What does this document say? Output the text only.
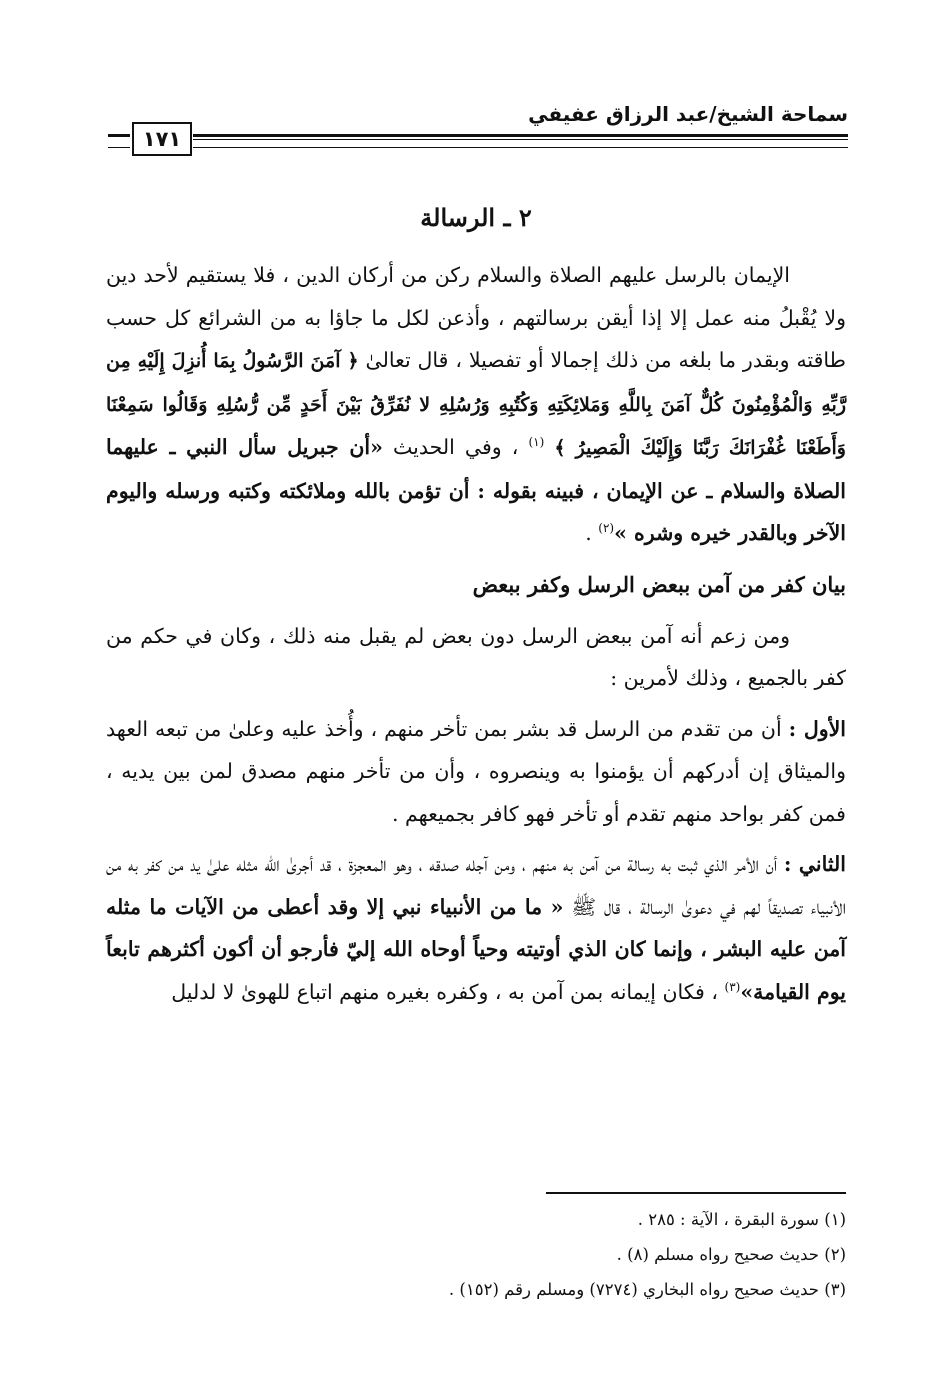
سماحة الشيخ/عبد الرزاق عفيفي
١٧١
٢ ـ الرسالة

الإيمان بالرسل عليهم الصلاة والسلام ركن من أركان الدين ، فلا يستقيم لأحد دين ولا يُقْبلُ منه عمل إلا إذا أيقن برسالتهم ، وأذعن لكل ما جاؤا به من الشرائع كل حسب طاقته وبقدر ما بلغه من ذلك إجمالا أو تفصيلا ، قال تعالىٰ ﴿ آمَنَ الرَّسُولُ بِمَا أُنزِلَ إِلَيْهِ مِن رَّبِّهِ وَالْمُؤْمِنُونَ كُلٌّ آمَنَ بِاللَّهِ وَمَلائِكَتِهِ وَكُتُبِهِ وَرُسُلِهِ لا نُفَرِّقُ بَيْنَ أَحَدٍ مِّن رُّسُلِهِ وَقَالُوا سَمِعْنَا وَأَطَعْنَا غُفْرَانَكَ رَبَّنَا وَإِلَيْكَ الْمَصِيرُ ﴾ $^{(١)}$ ، وفي الحديث «أن جبريل سأل النبي ـ عليهما الصلاة والسلام ـ عن الإيمان ، فبينه بقوله : أن تؤمن بالله وملائكته وكتبه ورسله واليوم الآخر وبالقدر خيره وشره »$^{(٢)}$ .

بيان كفر من آمن ببعض الرسل وكفر ببعض

ومن زعم أنه آمن ببعض الرسل دون بعض لم يقبل منه ذلك ، وكان في حكم من كفر بالجميع ، وذلك لأمرين :

الأول : أن من تقدم من الرسل قد بشر بمن تأخر منهم ، وأُخذ عليه وعلىٰ من تبعه العهد والميثاق إن أدركهم أن يؤمنوا به وينصروه ، وأن من تأخر منهم مصدق لمن بين يديه ، فمن كفر بواحد منهم تقدم أو تأخر فهو كافر بجميعهم .

الثاني : أن الأمر الذي ثبت به رسالة من آمن به منهم ، ومن آجله صدقه ، وهو المعجزة ، قد أجرىٰ الله مثله علىٰ يد من كفر به من الأنبياء تصديقاً لهم في دعوىٰ الرسالة ، قال ﷺ « ما من الأنبياء نبي إلا وقد أعطى من الآيات ما مثله آمن عليه البشر ، وإنما كان الذي أوتيته وحياً أوحاه الله إليّ فأرجو أن أكون أكثرهم تابعاً يوم القيامة»$^{(٣)}$ ، فكان إيمانه بمن آمن به ، وكفره بغيره منهم اتباع للهوىٰ لا لدليل

(١) سورة البقرة ، الآية : ٢٨٥ .
(٢) حديث صحيح رواه مسلم (٨) .
(٣) حديث صحيح رواه البخاري (٧٢٧٤) ومسلم رقم (١٥٢) .
